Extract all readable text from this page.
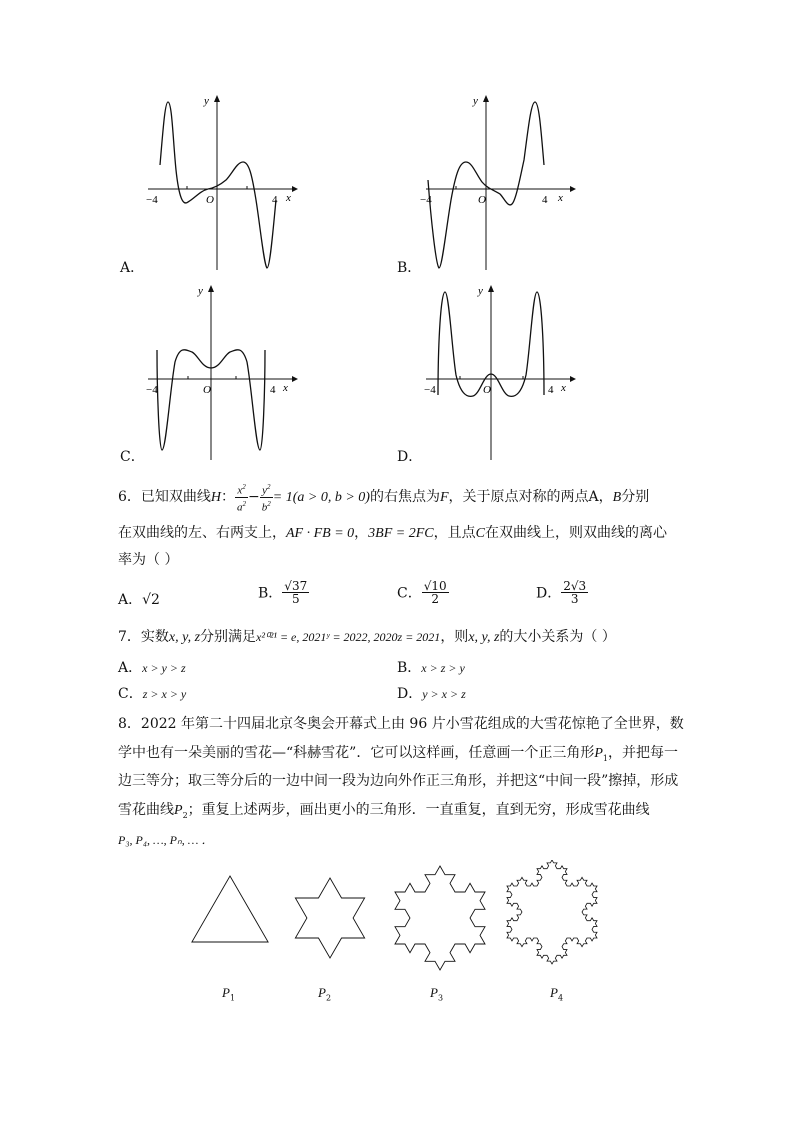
−4	O	4 x
y
A．
−4	O	4 x
y
B．
−4	O	4 x
y
C．
−4	O	4 x
y
D．
6．已知双曲线H： $\frac{x^2}{a^2} - \frac{y^2}{b^2} = 1(a > 0$, b > 0)的右焦点为F，关于原点对称的两点A，B分别
在双曲线的左、右两支上，AF · FB = 0，3BF = 2FC，且点C在双曲线上，则双曲线的离心
率为（ ）
A．√2	B． $\frac{√37}{5}$	C． $\frac{√10}{2}$	D． $\frac{2√3}{3}$
7．实数x, y, z分别满足x²⁰²¹ = e, 2021ʸ = 2022, 2020z = 2021，则x, y, z的大小关系为（ ）
A．x > y > z	B．x > z > y
C．z > x > y	D．y > x > z
8．2022 年第二十四届北京冬奥会开幕式上由 96 片小雪花组成的大雪花惊艳了全世界，数
学中也有一朵美丽的雪花—“科赫雪花”．它可以这样画，任意画一个正三角形$P_1$，并把每一
边三等分；取三等分后的一边中间一段为边向外作正三角形，并把这“中间一段”擦掉，形成
雪花曲线$P_2$；重复上述两步，画出更小的三角形．一直重复，直到无穷，形成雪花曲线
P₃, P₄, …, Pₙ, … ．
$P_1$	$P_2$	$P_3$	$P_4$
